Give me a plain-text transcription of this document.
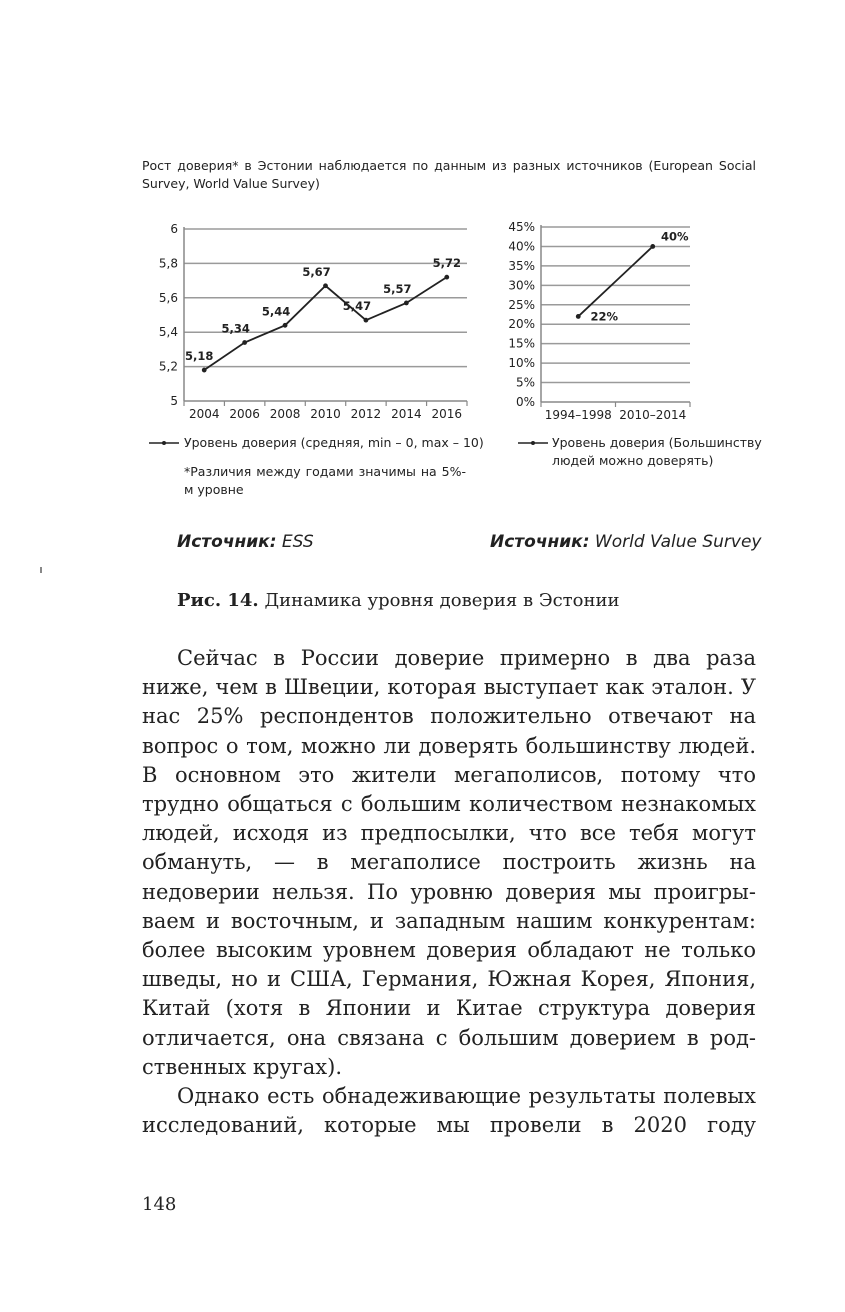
Рост доверия* в Эстонии наблюдается по данным из разных источников (European Social Survey, World Value Survey)
5
5,2
5,4
5,6
5,8
6
2004 2006 2008 2010 2012 2014 2016
5,18
5,34
5,44
5,67
5,47
5,57
5,72
0%
5%
10%
15%
20%
25%
30%
35%
40%
45%
1994–1998 2010–2014
22%
40%
Уровень доверия (средняя, min – 0, max – 10)
*Различия между годами значимы на 5%-м уровне
Уровень доверия (Большинству людей можно доверять)
Источник: ESS	Источник: World Value Survey
Рис. 14. Динамика уровня доверия в Эстонии

Сейчас в России доверие примерно в два раза ниже, чем в Швеции, которая выступает как эталон. У нас 25% респондентов положительно отвечают на вопрос о том, можно ли доверять большинству людей. В основном это жители мегаполисов, потому что трудно общаться с большим количеством незнакомых людей, исходя из предпосылки, что все тебя могут обмануть, — в мегаполисе построить жизнь на недоверии нельзя. По уровню доверия мы проигрываем и восточным, и западным нашим конкурентам: более высоким уровнем доверия обладают не только шведы, но и США, Германия, Южная Корея, Япония, Китай (хотя в Японии и Китае структура доверия отличается, она связана с большим доверием в родственных кругах).

Однако есть обнадеживающие результаты полевых исследований, которые мы провели в 2020 году

148
